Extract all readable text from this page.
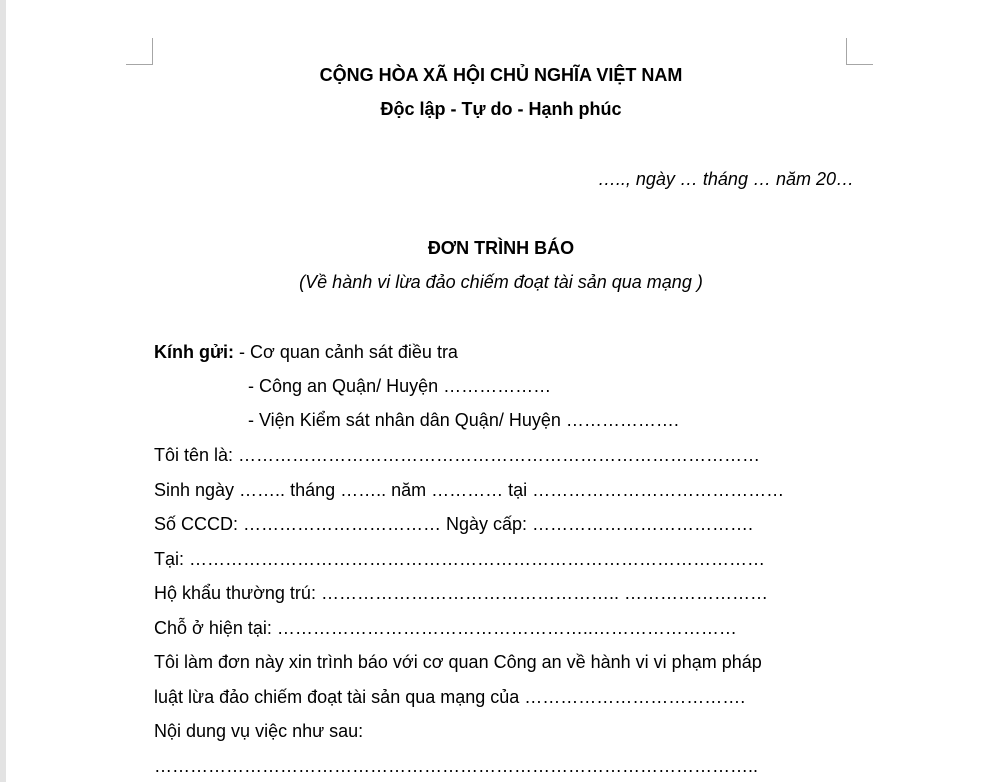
CỘNG HÒA XÃ HỘI CHỦ NGHĨA VIỆT NAM
Độc lập - Tự do - Hạnh phúc
….., ngày … tháng … năm 20…
ĐƠN TRÌNH BÁO
(Về hành vi lừa đảo chiếm đoạt tài sản qua mạng )
Kính gửi: - Cơ quan cảnh sát điều tra
- Công an Quận/ Huyện ………………
- Viện Kiểm sát nhân dân Quận/ Huyện ……………….
Tôi tên là: ……………………………………………………………………………
Sinh ngày …….. tháng …….. năm ………… tại ……………………………………
Số CCCD: …………………………… Ngày cấp: ……………………………….
Tại: ……………………………………………………………………………………
Hộ khẩu thường trú: ………………………………………….. ……………………
Chỗ ở hiện tại: ……………………………………………..……………………
Tôi làm đơn này xin trình báo với cơ quan Công an về hành vi vi phạm pháp
luật lừa đảo chiếm đoạt tài sản qua mạng của ……………………………….
Nội dung vụ việc như sau:
………………………………………………………………………………………..
